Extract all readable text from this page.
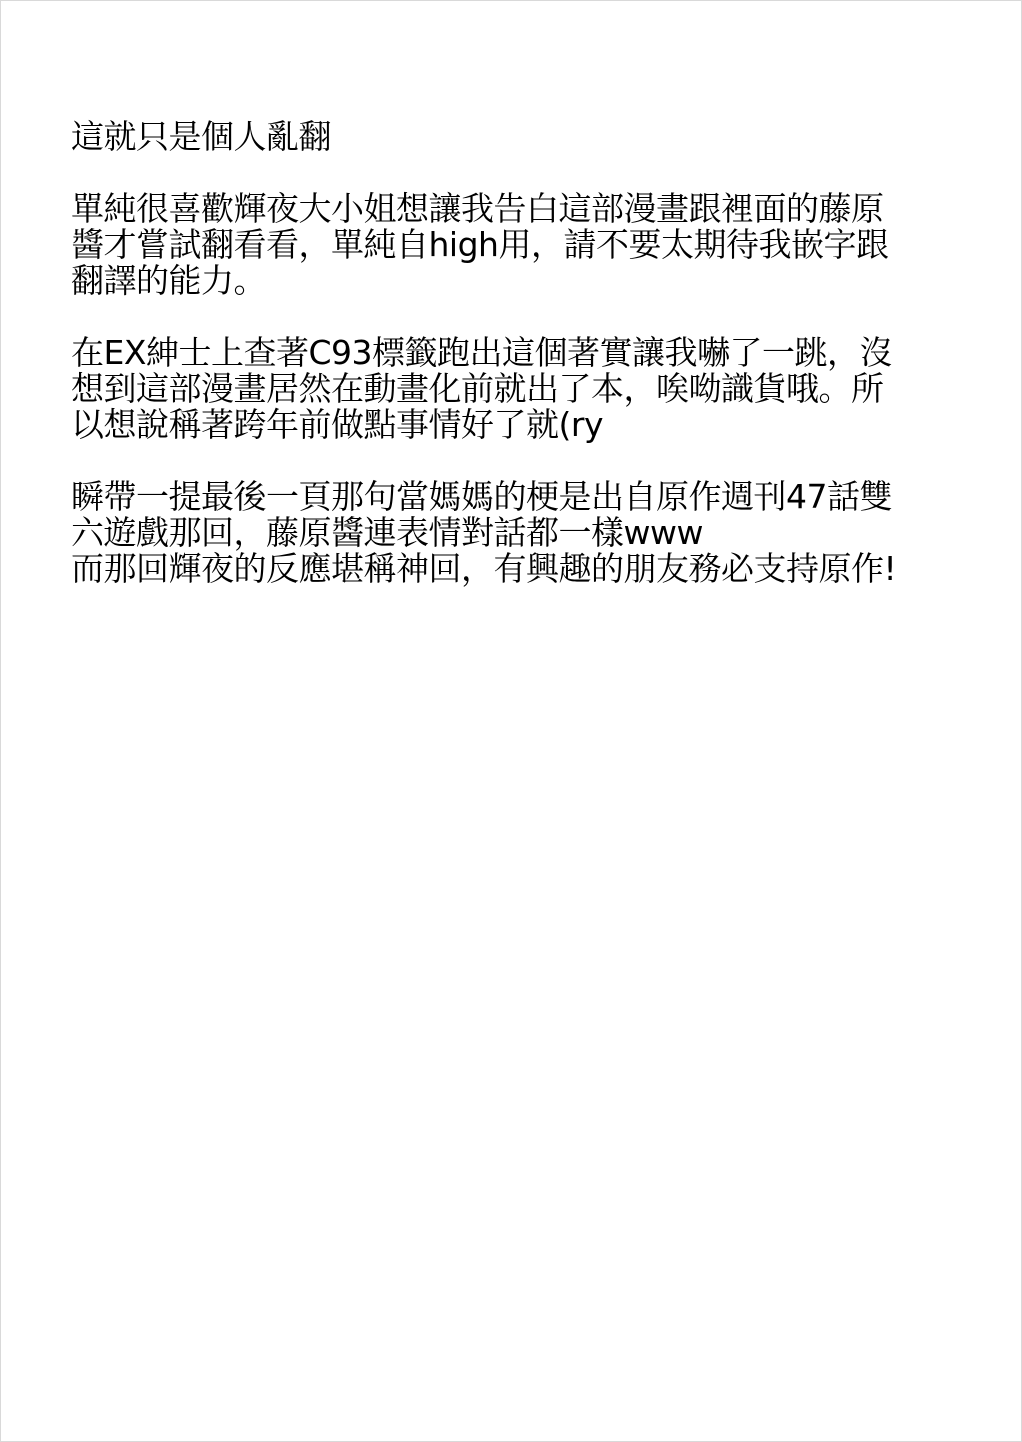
這就只是個人亂翻

單純很喜歡輝夜大小姐想讓我告白這部漫畫跟裡面的藤原
醬才嘗試翻看看，單純自high用，請不要太期待我嵌字跟
翻譯的能力。

在EX紳士上查著C93標籤跑出這個著實讓我嚇了一跳，沒
想到這部漫畫居然在動畫化前就出了本，唉呦識貨哦。所
以想說稱著跨年前做點事情好了就(ry

瞬帶一提最後一頁那句當媽媽的梗是出自原作週刊47話雙
六遊戲那回，藤原醬連表情對話都一樣www
而那回輝夜的反應堪稱神回，有興趣的朋友務必支持原作!
